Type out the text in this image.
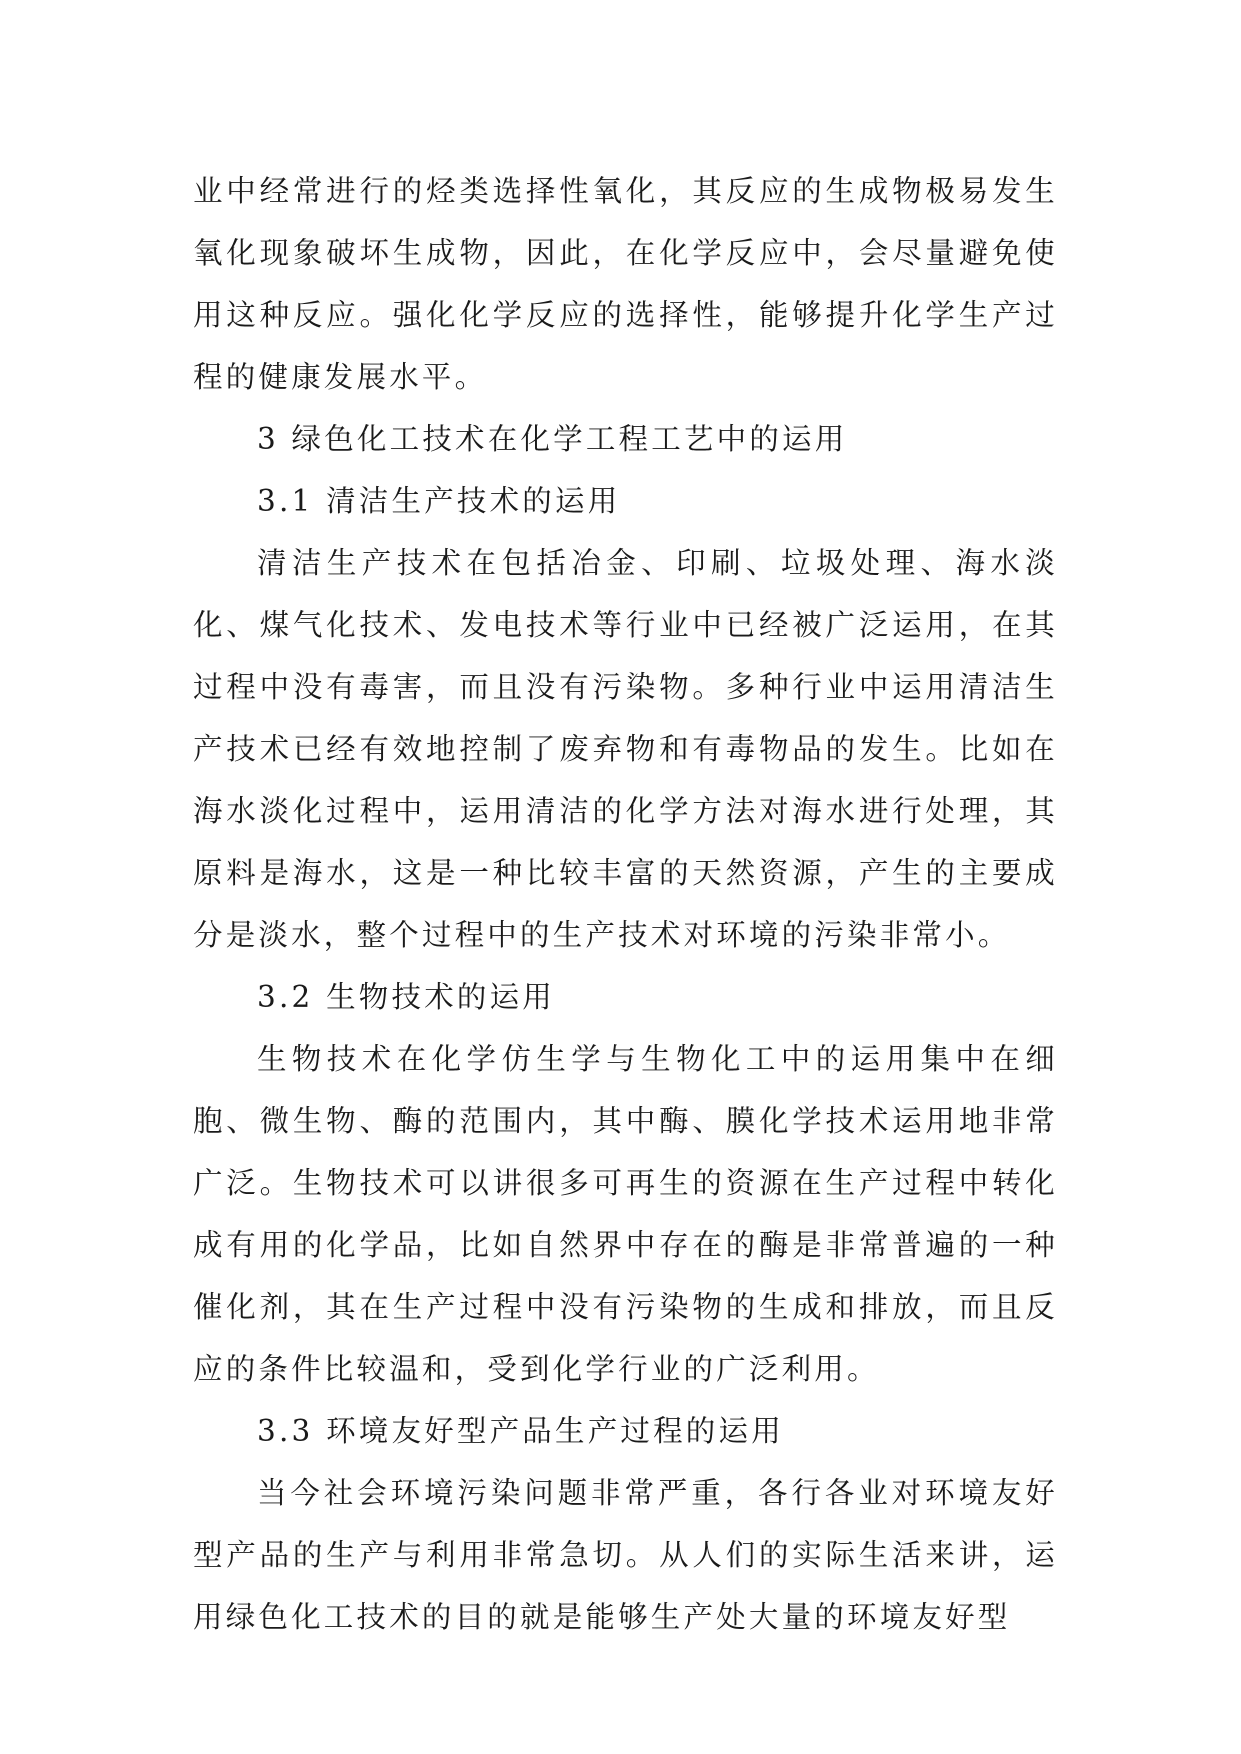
业中经常进行的烃类选择性氧化，其反应的生成物极易发生氧化现象破坏生成物，因此，在化学反应中，会尽量避免使用这种反应。强化化学反应的选择性，能够提升化学生产过程的健康发展水平。

3 绿色化工技术在化学工程工艺中的运用

3.1 清洁生产技术的运用

清洁生产技术在包括冶金、印刷、垃圾处理、海水淡化、煤气化技术、发电技术等行业中已经被广泛运用，在其过程中没有毒害，而且没有污染物。多种行业中运用清洁生产技术已经有效地控制了废弃物和有毒物品的发生。比如在海水淡化过程中，运用清洁的化学方法对海水进行处理，其原料是海水，这是一种比较丰富的天然资源，产生的主要成分是淡水，整个过程中的生产技术对环境的污染非常小。

3.2 生物技术的运用

生物技术在化学仿生学与生物化工中的运用集中在细胞、微生物、酶的范围内，其中酶、膜化学技术运用地非常广泛。生物技术可以讲很多可再生的资源在生产过程中转化成有用的化学品，比如自然界中存在的酶是非常普遍的一种催化剂，其在生产过程中没有污染物的生成和排放，而且反应的条件比较温和，受到化学行业的广泛利用。

3.3 环境友好型产品生产过程的运用

当今社会环境污染问题非常严重，各行各业对环境友好型产品的生产与利用非常急切。从人们的实际生活来讲，运用绿色化工技术的目的就是能够生产处大量的环境友好型
